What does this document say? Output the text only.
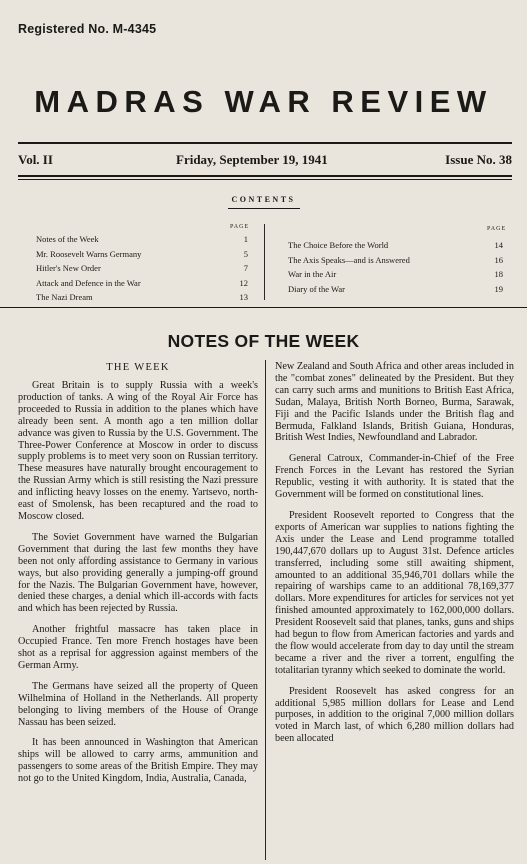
Registered No. M-4345
MADRAS WAR REVIEW
Vol. II	Friday, September 19, 1941	Issue No. 38
CONTENTS
PAGE	PAGE
Notes of the Week	1
Mr. Roosevelt Warns Germany	5
Hitler's New Order	7
Attack and Defence in the War	12
The Nazi Dream	13
The Choice Before the World	14
The Axis Speaks—and is Answered	16
War in the Air	18
Diary of the War	19
NOTES OF THE WEEK
THE WEEK

Great Britain is to supply Russia with a week's production of tanks. A wing of the Royal Air Force has proceeded to Russia in addition to the planes which have already been sent. A month ago a ten million dollar advance was given to Russia by the U.S. Government. The Three-Power Conference at Moscow in order to discuss supply problems is to meet very soon on Russian territory. These measures have naturally brought encouragement to the Russian Army which is still resisting the Nazi pressure and inflicting heavy losses on the enemy. Yartsevo, north-east of Smolensk, has been recaptured and the road to Moscow closed.

The Soviet Government have warned the Bulgarian Government that during the last few months they have been not only affording assistance to Germany in various ways, but also providing generally a jumping-off ground for the Nazis. The Bulgarian Government have, however, denied these charges, a denial which ill-accords with facts and which has been rejected by Russia.

Another frightful massacre has taken place in Occupied France. Ten more French hostages have been shot as a reprisal for aggression against members of the German Army.

The Germans have seized all the property of Queen Wilhelmina of Holland in the Netherlands. All property belonging to living members of the House of Orange Nassau has been seized.

It has been announced in Washington that American ships will be allowed to carry arms, ammunition and passengers to some areas of the British Empire. They may not go to the United Kingdom, India, Australia, Canada,

New Zealand and South Africa and other areas included in the "combat zones" delineated by the President. But they can carry such arms and munitions to British East Africa, Sudan, Malaya, British North Borneo, Burma, Sarawak, Fiji and the Pacific Islands under the British flag and Bermuda, Falkland Islands, British Guiana, Honduras, British West Indies, Newfoundland and Labrador.

General Catroux, Commander-in-Chief of the Free French Forces in the Levant has restored the Syrian Republic, vesting it with authority. It is stated that the Government will be formed on constitutional lines.

President Roosevelt reported to Congress that the exports of American war supplies to nations fighting the Axis under the Lease and Lend programme totalled 190,447,670 dollars up to August 31st. Defence articles transferred, including some still awaiting shipment, amounted to an additional 35,946,701 dollars while the repairing of warships came to an additional 78,169,377 dollars. More expenditures for articles for services not yet finished amounted approximately to 162,000,000 dollars. President Roosevelt said that planes, tanks, guns and ships had begun to flow from American factories and yards and the flow would accelerate from day to day until the stream became a river and the river a torrent, engulfing the totalitarian tyranny which seeked to dominate the world.

President Roosevelt has asked congress for an additional 5,985 million dollars for Lease and Lend purposes, in addition to the original 7,000 million dollars voted in March last, of which 6,280 million dollars had been allocated
